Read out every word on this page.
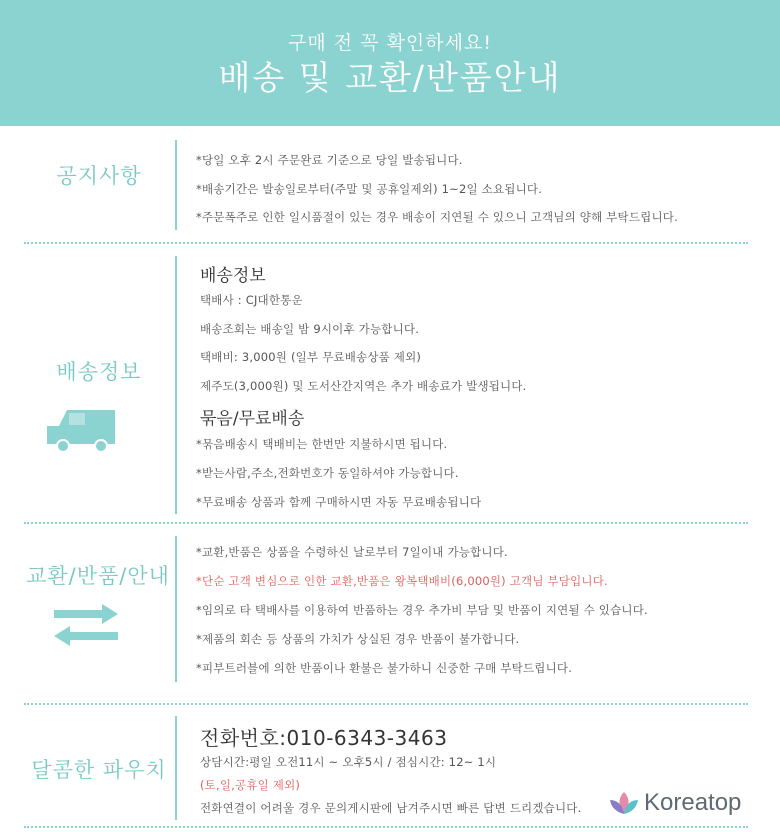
구매 전 꼭 확인하세요!
배송 및 교환/반품안내
공지사항
*당일 오후 2시 주문완료 기준으로 당일 발송됩니다.
*배송기간은 발송일로부터(주말 및 공휴일제외) 1~2일 소요됩니다.
*주문폭주로 인한 일시품절이 있는 경우 배송이 지연될 수 있으니 고객님의 양해 부탁드립니다.
배송정보
배송정보
택배사 : CJ대한통운
배송조회는 배송일 밤 9시이후 가능합니다.
택배비: 3,000원 (일부 무료배송상품 제외)
제주도(3,000원) 및 도서산간지역은 추가 배송료가 발생됩니다.
묶음/무료배송
*묶음배송시 택배비는 한번만 지불하시면 됩니다.
*받는사람,주소,전화번호가 동일하셔야 가능합니다.
*무료배송 상품과 함께 구매하시면 자동 무료배송됩니다
교환/반품/안내
*교환,반품은 상품을 수령하신 날로부터 7일이내 가능합니다.
*단순 고객 변심으로 인한 교환,반품은 왕복택배비(6,000원) 고객님 부담입니다.
*임의로 타 택배사를 이용하여 반품하는 경우 추가비 부담 및 반품이 지연될 수 있습니다.
*제품의 회손 등 상품의 가치가 상실된 경우 반품이 불가합니다.
*피부트러블에 의한 반품이나 환불은 불가하니 신중한 구매 부탁드립니다.
달콤한 파우치
전화번호:010-6343-3463
상담시간:평일 오전11시 ~ 오후5시 / 점심시간: 12~ 1시
(토,일,공휴일 제외)
전화연결이 어려울 경우 문의게시판에 남겨주시면 빠른 답변 드리겠습니다.	Koreatop
